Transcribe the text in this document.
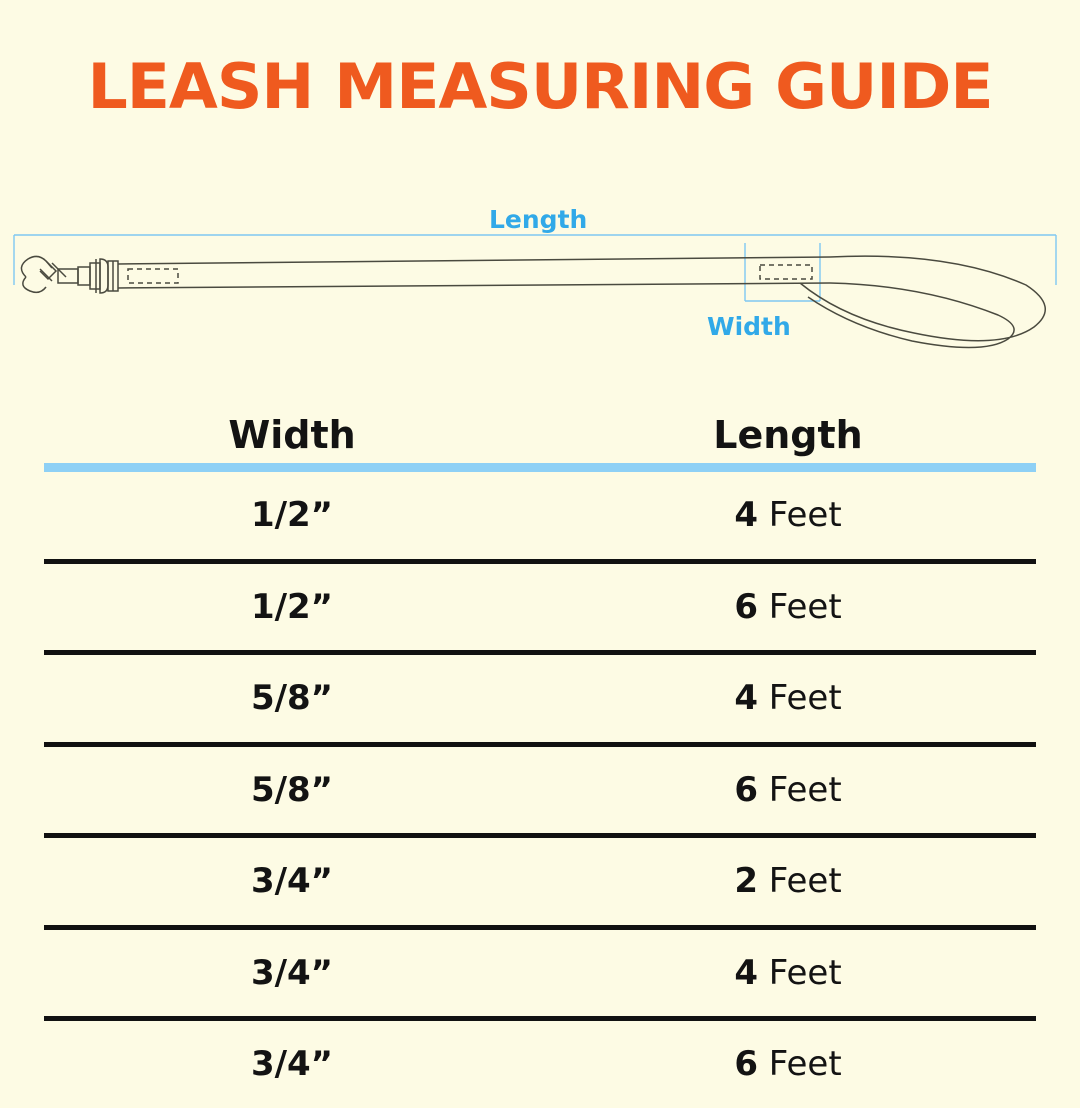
LEASH MEASURING GUIDE
Length
Width
Width	Length
1/2”	4 Feet
1/2”	6 Feet
5/8”	4 Feet
5/8”	6 Feet
3/4”	2 Feet
3/4”	4 Feet
3/4”	6 Feet
